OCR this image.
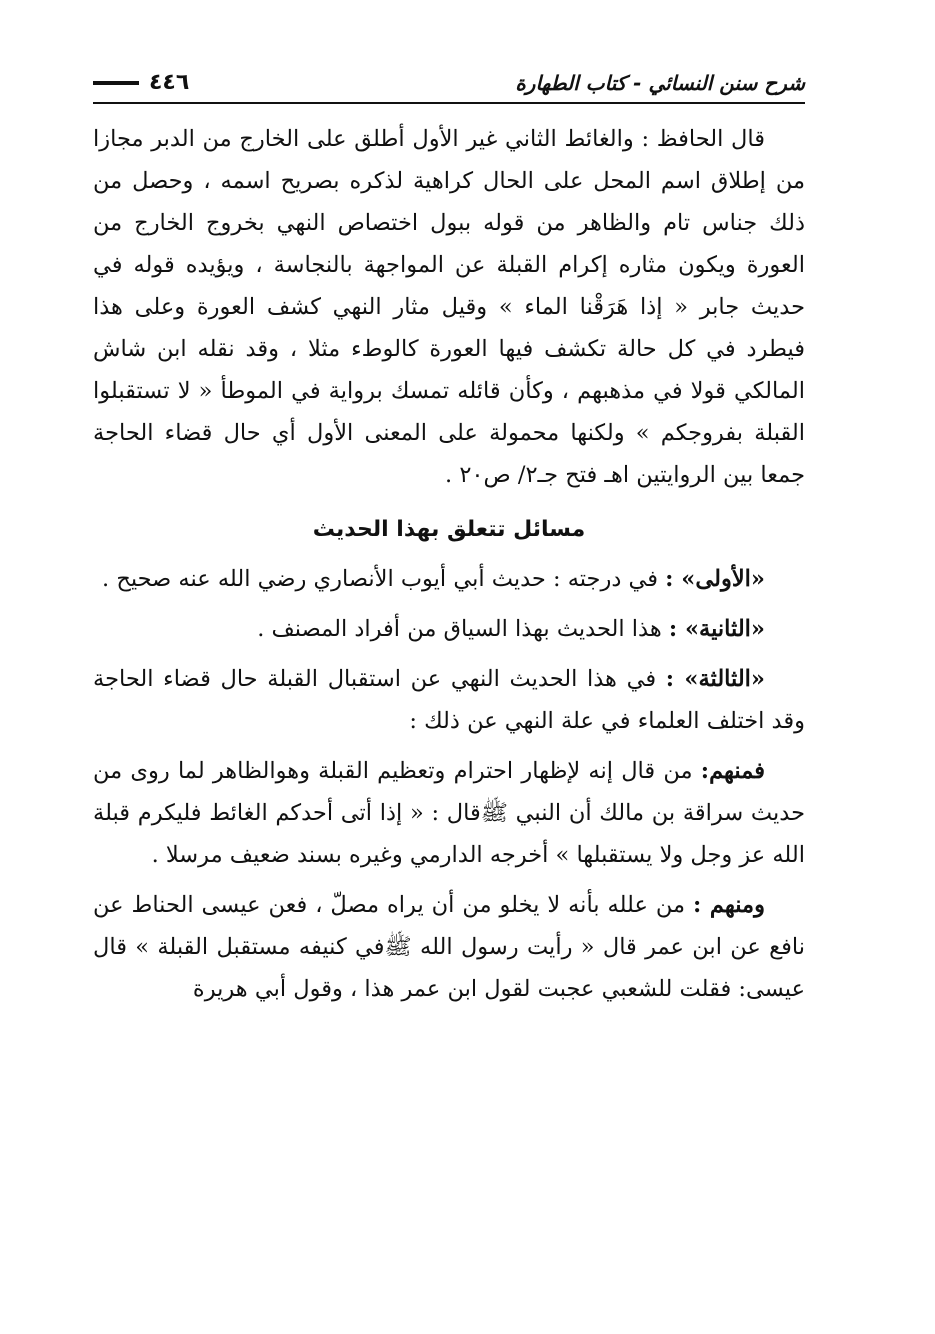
٤٤٦	شرح سنن النسائي - كتاب الطهارة

قال الحافظ : والغائط الثاني غير الأول أطلق على الخارج من الدبر مجازا من إطلاق اسم المحل على الحال كراهية لذكره بصريح اسمه ، وحصل من ذلك جناس تام والظاهر من قوله ببول اختصاص النهي بخروج الخارج من العورة ويكون مثاره إكرام القبلة عن المواجهة بالنجاسة ، ويؤيده قوله في حديث جابر « إذا هَرَقْنا الماء » وقيل مثار النهي كشف العورة وعلى هذا فيطرد في كل حالة تكشف فيها العورة كالوطء مثلا ، وقد نقله ابن شاش المالكي قولا في مذهبهم ، وكأن قائله تمسك برواية في الموطأ « لا تستقبلوا القبلة بفروجكم » ولكنها محمولة على المعنى الأول أي حال قضاء الحاجة جمعا بين الروايتين اهـ فتح جـ٢/ ص٢٠ .

مسائل تتعلق بهذا الحديث

«الأولى» : في درجته : حديث أبي أيوب الأنصاري رضي الله عنه صحيح .

«الثانية» : هذا الحديث بهذا السياق من أفراد المصنف .

«الثالثة» : في هذا الحديث النهي عن استقبال القبلة حال قضاء الحاجة وقد اختلف العلماء في علة النهي عن ذلك :

فمنهم: من قال إنه لإظهار احترام وتعظيم القبلة وهوالظاهر لما روى من حديث سراقة بن مالك أن النبي ﷺقال : « إذا أتى أحدكم الغائط فليكرم قبلة الله عز وجل ولا يستقبلها » أخرجه الدارمي وغيره بسند ضعيف مرسلا .

ومنهم : من علله بأنه لا يخلو من أن يراه مصلّ ، فعن عيسى الحناط عن نافع عن ابن عمر قال « رأيت رسول الله ﷺفي كنيفه مستقبل القبلة » قال عيسى: فقلت للشعبي عجبت لقول ابن عمر هذا ، وقول أبي هريرة
